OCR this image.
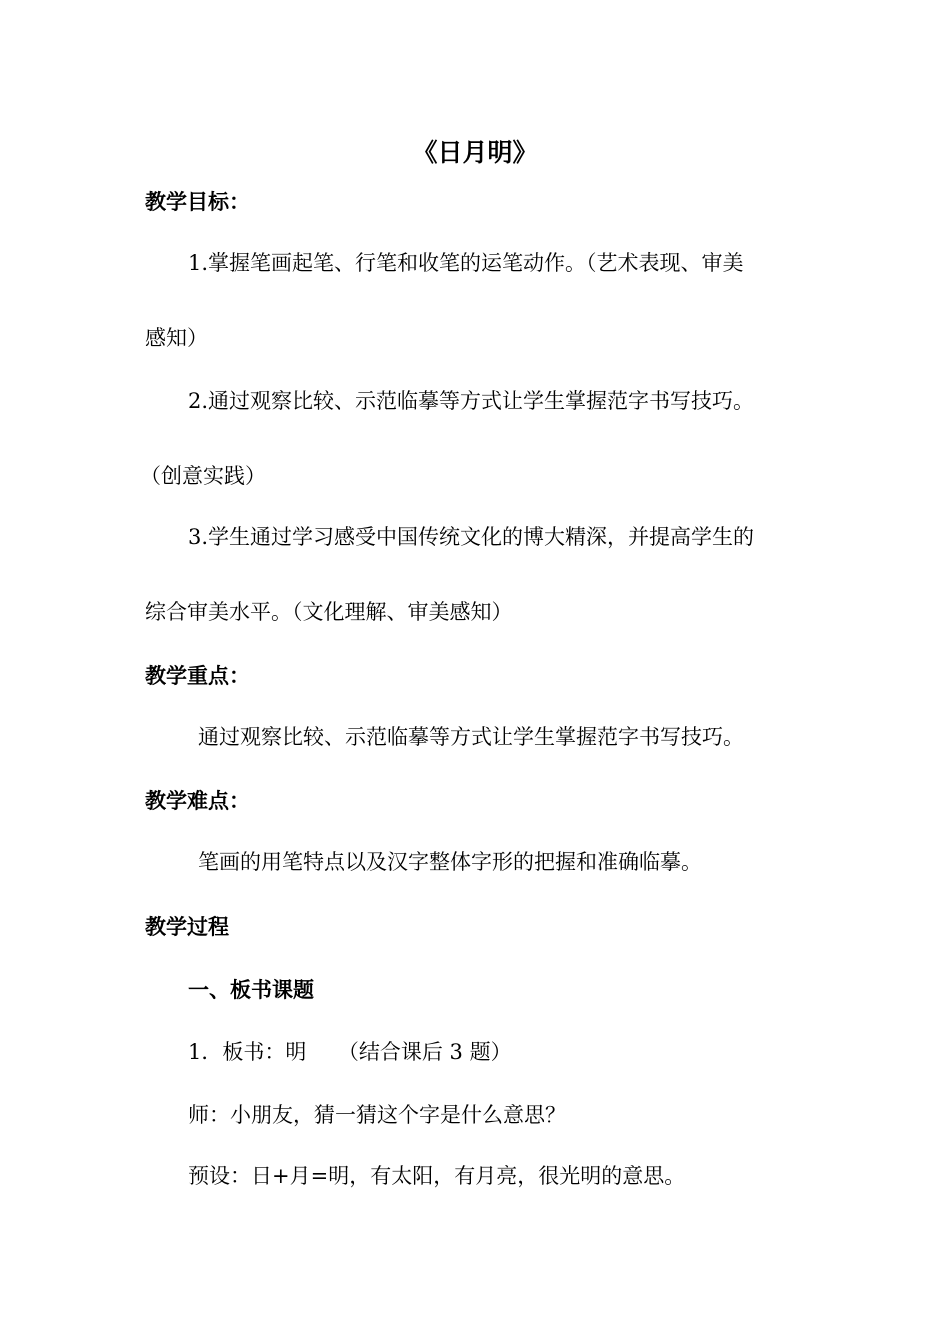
《日月明》
教学目标：
1.掌握笔画起笔、行笔和收笔的运笔动作。（艺术表现、审美
感知）
2.通过观察比较、示范临摹等方式让学生掌握范字书写技巧。
（创意实践）
3.学生通过学习感受中国传统文化的博大精深，并提高学生的
综合审美水平。（文化理解、审美感知）
教学重点：
通过观察比较、示范临摹等方式让学生掌握范字书写技巧。
教学难点：
笔画的用笔特点以及汉字整体字形的把握和准确临摹。
教学过程
一、板书课题
1．板书：明　　（结合课后 3 题）
师：小朋友，猜一猜这个字是什么意思？
预设：日+月=明，有太阳，有月亮，很光明的意思。
